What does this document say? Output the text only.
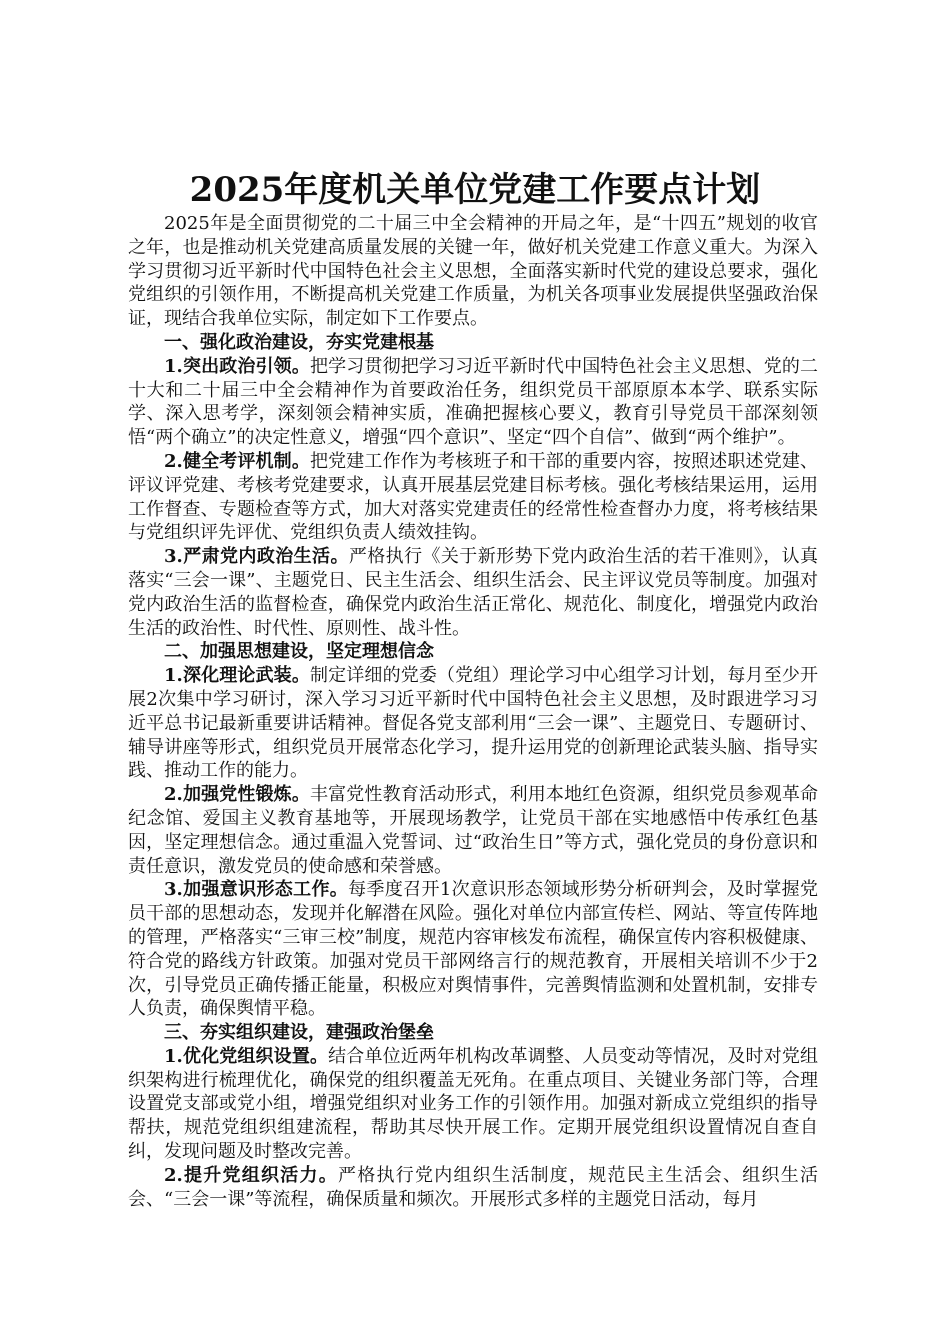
2025年度机关单位党建工作要点计划

2025年是全面贯彻党的二十届三中全会精神的开局之年，是“十四五”规划的收官之年，也是推动机关党建高质量发展的关键一年，做好机关党建工作意义重大。为深入学习贯彻习近平新时代中国特色社会主义思想，全面落实新时代党的建设总要求，强化党组织的引领作用，不断提高机关党建工作质量，为机关各项事业发展提供坚强政治保证，现结合我单位实际，制定如下工作要点。

一、强化政治建设，夯实党建根基

1.突出政治引领。把学习贯彻把学习习近平新时代中国特色社会主义思想、党的二十大和二十届三中全会精神作为首要政治任务，组织党员干部原原本本学、联系实际学、深入思考学，深刻领会精神实质，准确把握核心要义，教育引导党员干部深刻领悟“两个确立”的决定性意义，增强“四个意识”、坚定“四个自信”、做到“两个维护”。

2.健全考评机制。把党建工作作为考核班子和干部的重要内容，按照述职述党建、评议评党建、考核考党建要求，认真开展基层党建目标考核。强化考核结果运用，运用工作督查、专题检查等方式，加大对落实党建责任的经常性检查督办力度，将考核结果与党组织评先评优、党组织负责人绩效挂钩。

3.严肃党内政治生活。严格执行《关于新形势下党内政治生活的若干准则》，认真落实“三会一课”、主题党日、民主生活会、组织生活会、民主评议党员等制度。加强对党内政治生活的监督检查，确保党内政治生活正常化、规范化、制度化，增强党内政治生活的政治性、时代性、原则性、战斗性。

二、加强思想建设，坚定理想信念

1.深化理论武装。制定详细的党委（党组）理论学习中心组学习计划，每月至少开展2次集中学习研讨，深入学习习近平新时代中国特色社会主义思想，及时跟进学习习近平总书记最新重要讲话精神。督促各党支部利用“三会一课”、主题党日、专题研讨、辅导讲座等形式，组织党员开展常态化学习，提升运用党的创新理论武装头脑、指导实践、推动工作的能力。

2.加强党性锻炼。丰富党性教育活动形式，利用本地红色资源，组织党员参观革命纪念馆、爱国主义教育基地等，开展现场教学，让党员干部在实地感悟中传承红色基因，坚定理想信念。通过重温入党誓词、过“政治生日”等方式，强化党员的身份意识和责任意识，激发党员的使命感和荣誉感。

3.加强意识形态工作。每季度召开1次意识形态领域形势分析研判会，及时掌握党员干部的思想动态，发现并化解潜在风险。强化对单位内部宣传栏、网站、等宣传阵地的管理，严格落实“三审三校”制度，规范内容审核发布流程，确保宣传内容积极健康、符合党的路线方针政策。加强对党员干部网络言行的规范教育，开展相关培训不少于2次，引导党员正确传播正能量，积极应对舆情事件，完善舆情监测和处置机制，安排专人负责，确保舆情平稳。

三、夯实组织建设，建强政治堡垒

1.优化党组织设置。结合单位近两年机构改革调整、人员变动等情况，及时对党组织架构进行梳理优化，确保党的组织覆盖无死角。在重点项目、关键业务部门等，合理设置党支部或党小组，增强党组织对业务工作的引领作用。加强对新成立党组织的指导帮扶，规范党组织组建流程，帮助其尽快开展工作。定期开展党组织设置情况自查自纠，发现问题及时整改完善。

2.提升党组织活力。严格执行党内组织生活制度，规范民主生活会、组织生活会、“三会一课”等流程，确保质量和频次。开展形式多样的主题党日活动，每月
